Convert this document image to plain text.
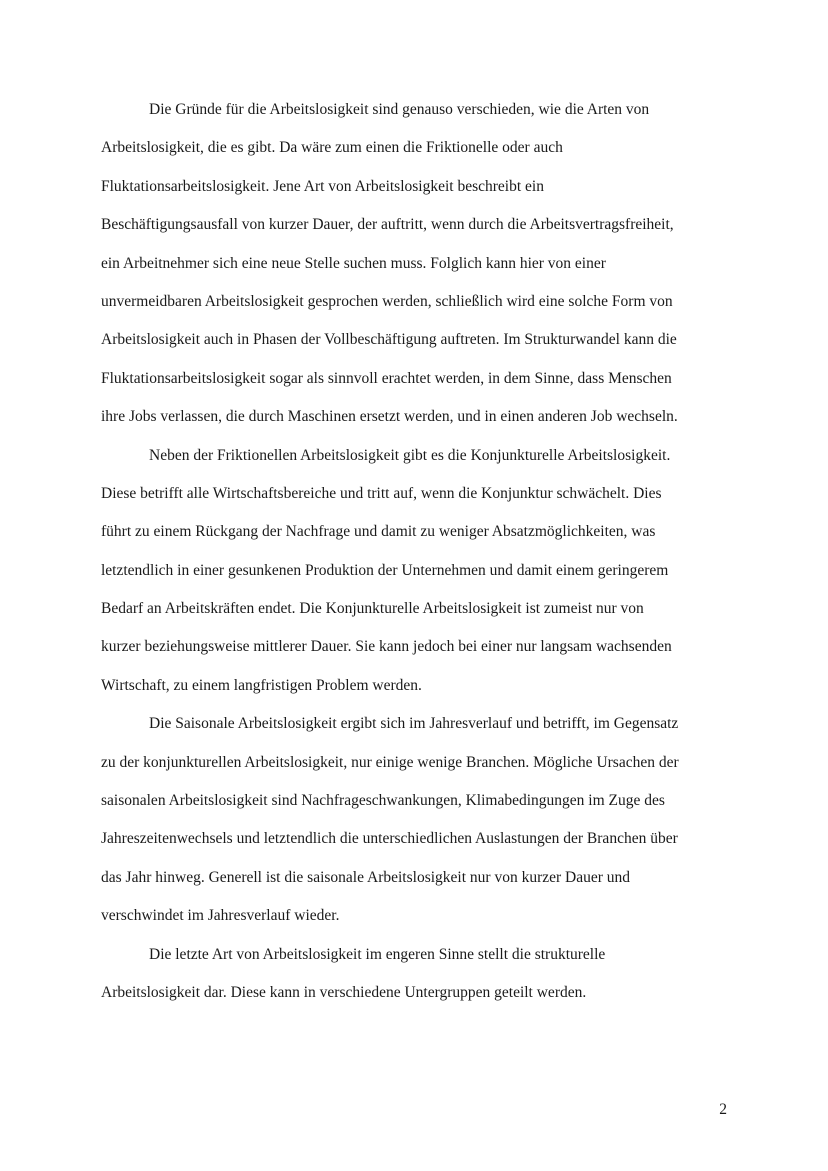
Die Gründe für die Arbeitslosigkeit sind genauso verschieden, wie die Arten von
Arbeitslosigkeit, die es gibt. Da wäre zum einen die Friktionelle oder auch
Fluktationsarbeitslosigkeit. Jene Art von Arbeitslosigkeit beschreibt ein
Beschäftigungsausfall von kurzer Dauer, der auftritt, wenn durch die Arbeitsvertragsfreiheit,
ein Arbeitnehmer sich eine neue Stelle suchen muss. Folglich kann hier von einer
unvermeidbaren Arbeitslosigkeit gesprochen werden, schließlich wird eine solche Form von
Arbeitslosigkeit auch in Phasen der Vollbeschäftigung auftreten. Im Strukturwandel kann die
Fluktationsarbeitslosigkeit sogar als sinnvoll erachtet werden, in dem Sinne, dass Menschen
ihre Jobs verlassen, die durch Maschinen ersetzt werden, und in einen anderen Job wechseln.
Neben der Friktionellen Arbeitslosigkeit gibt es die Konjunkturelle Arbeitslosigkeit.
Diese betrifft alle Wirtschaftsbereiche und tritt auf, wenn die Konjunktur schwächelt. Dies
führt zu einem Rückgang der Nachfrage und damit zu weniger Absatzmöglichkeiten, was
letztendlich in einer gesunkenen Produktion der Unternehmen und damit einem geringerem
Bedarf an Arbeitskräften endet. Die Konjunkturelle Arbeitslosigkeit ist zumeist nur von
kurzer beziehungsweise mittlerer Dauer. Sie kann jedoch bei einer nur langsam wachsenden
Wirtschaft, zu einem langfristigen Problem werden.
Die Saisonale Arbeitslosigkeit ergibt sich im Jahresverlauf und betrifft, im Gegensatz
zu der konjunkturellen Arbeitslosigkeit, nur einige wenige Branchen. Mögliche Ursachen der
saisonalen Arbeitslosigkeit sind Nachfrageschwankungen, Klimabedingungen im Zuge des
Jahreszeitenwechsels und letztendlich die unterschiedlichen Auslastungen der Branchen über
das Jahr hinweg. Generell ist die saisonale Arbeitslosigkeit nur von kurzer Dauer und
verschwindet im Jahresverlauf wieder.
Die letzte Art von Arbeitslosigkeit im engeren Sinne stellt die strukturelle
Arbeitslosigkeit dar. Diese kann in verschiedene Untergruppen geteilt werden.
2
